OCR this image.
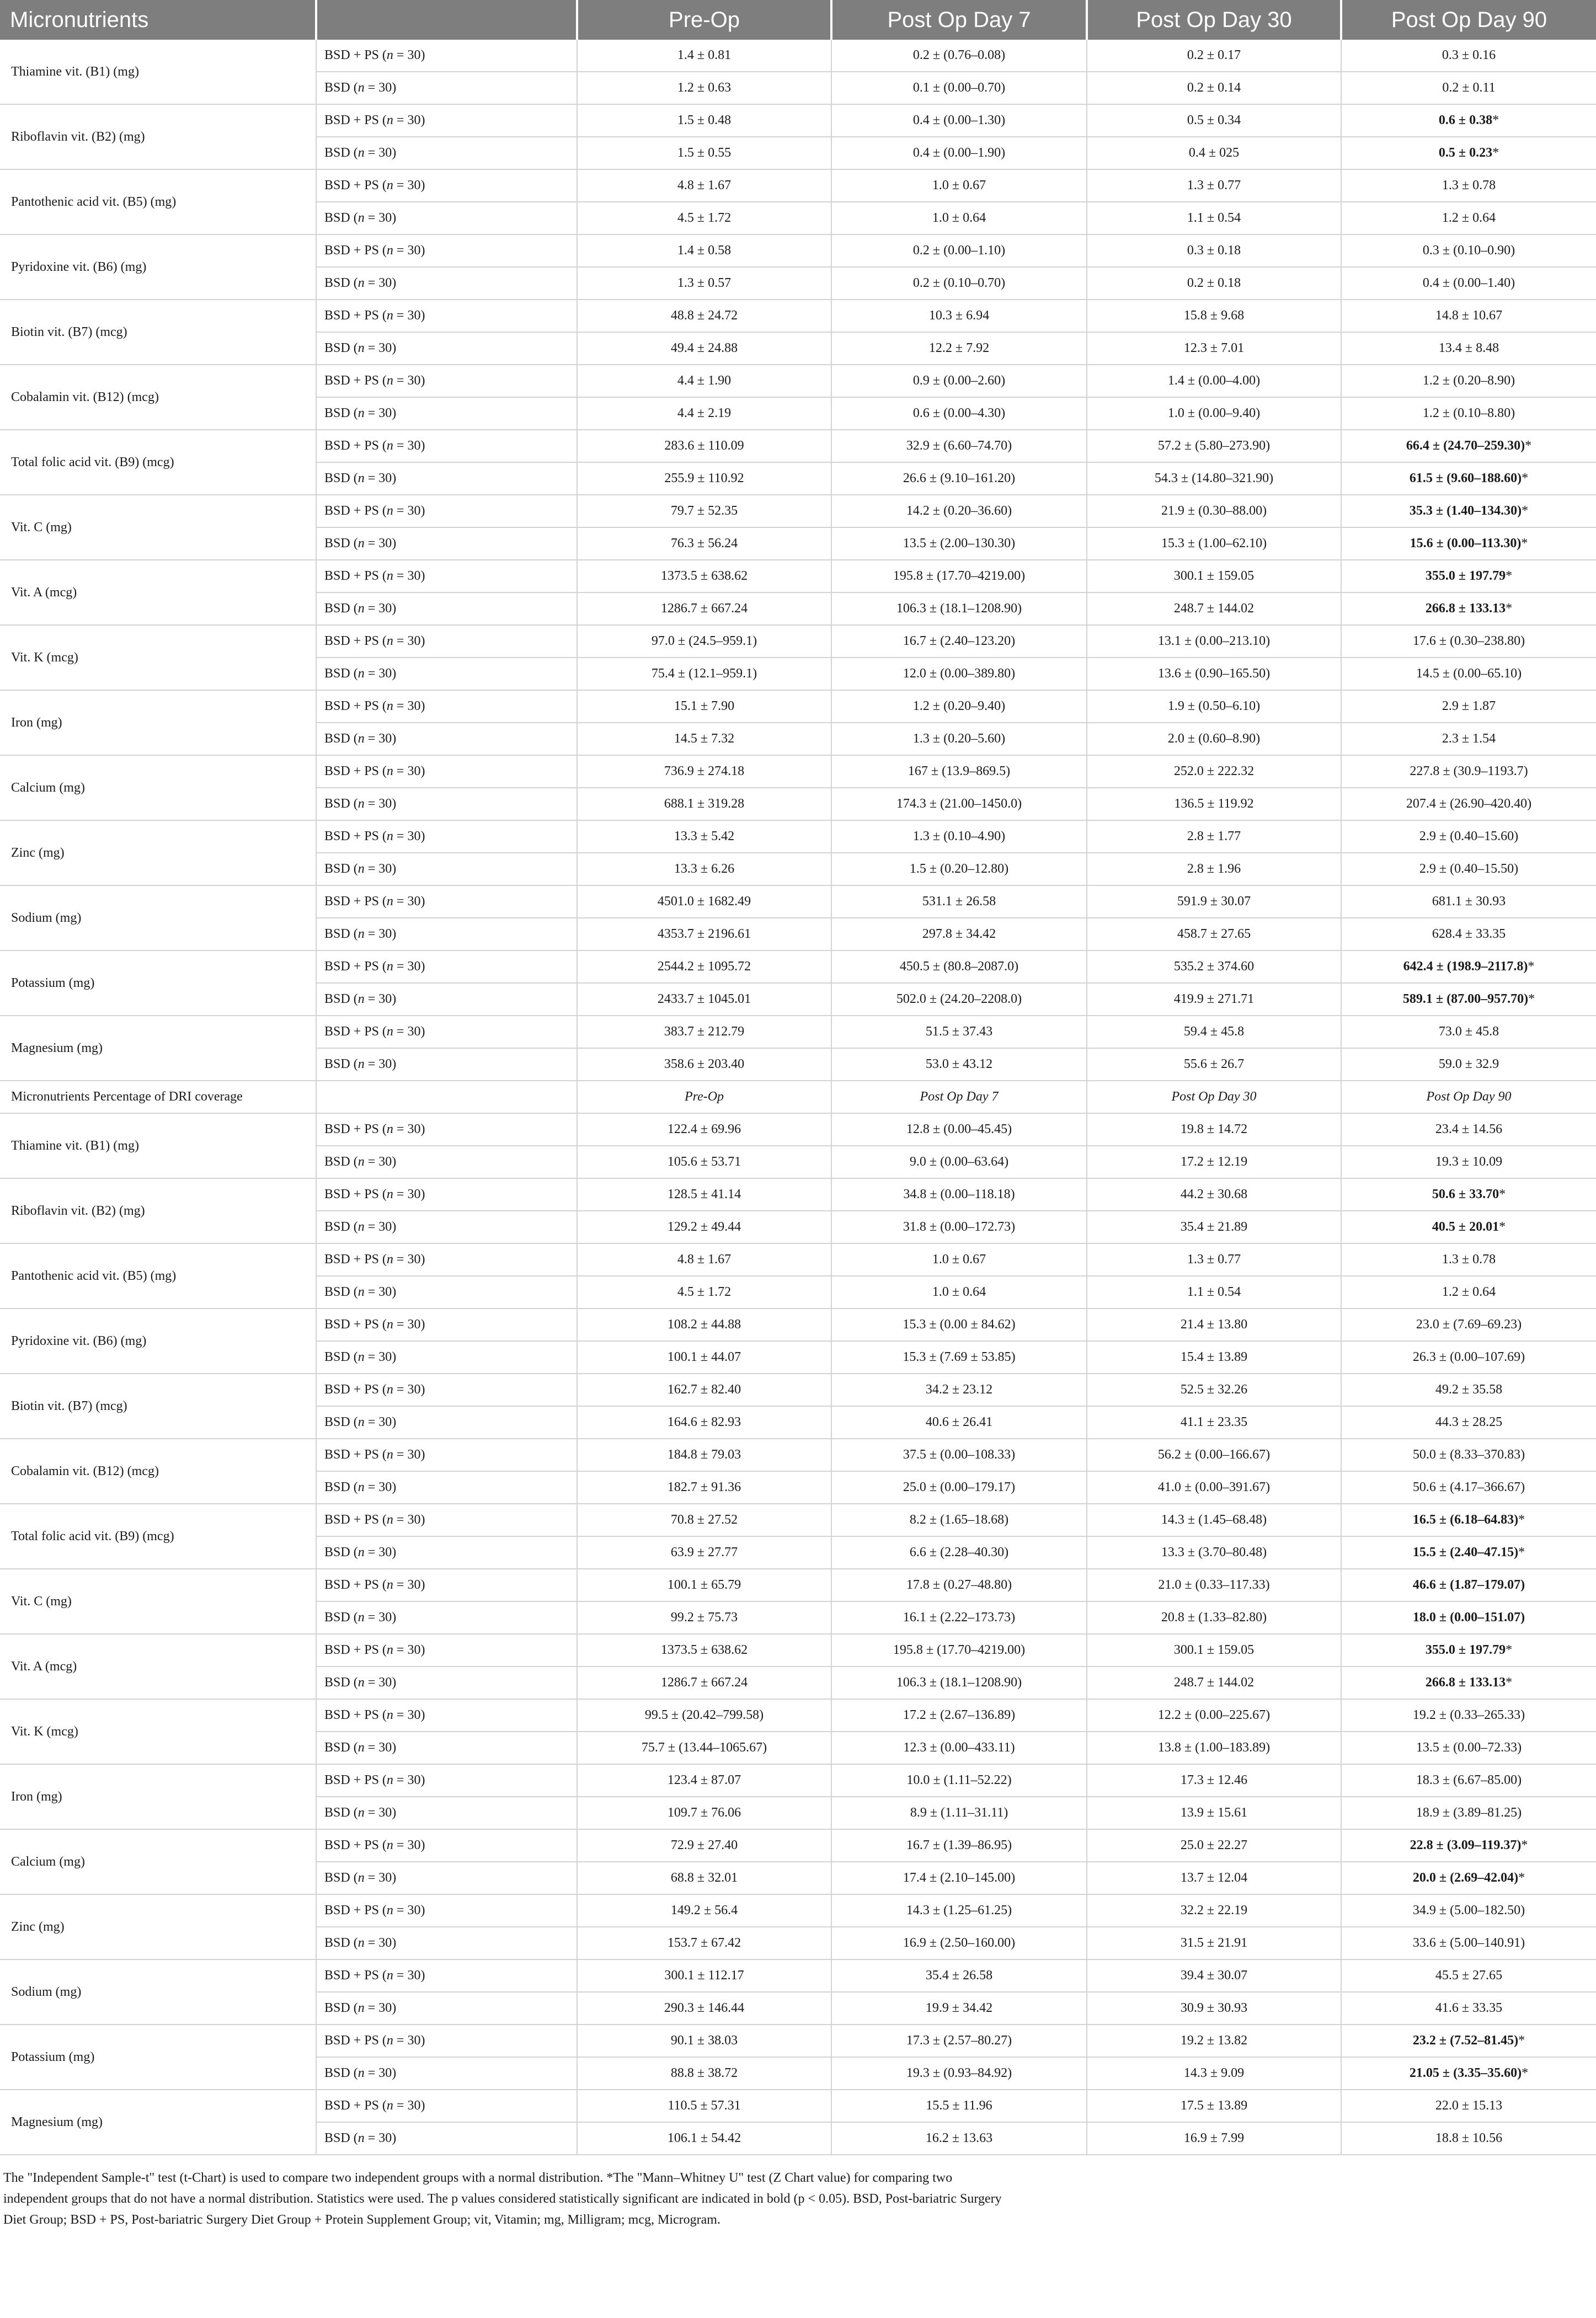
Micronutrients		Pre-Op	Post Op Day 7	Post Op Day 30	Post Op Day 90
Thiamine vit. (B1) (mg)	BSD + PS (n = 30)	1.4 ± 0.81	0.2 ± (0.76–0.08)	0.2 ± 0.17	0.3 ± 0.16
	BSD (n = 30)	1.2 ± 0.63	0.1 ± (0.00–0.70)	0.2 ± 0.14	0.2 ± 0.11
Riboflavin vit. (B2) (mg)	BSD + PS (n = 30)	1.5 ± 0.48	0.4 ± (0.00–1.30)	0.5 ± 0.34	0.6 ± 0.38*
	BSD (n = 30)	1.5 ± 0.55	0.4 ± (0.00–1.90)	0.4 ± 025	0.5 ± 0.23*
Pantothenic acid vit. (B5) (mg)	BSD + PS (n = 30)	4.8 ± 1.67	1.0 ± 0.67	1.3 ± 0.77	1.3 ± 0.78
	BSD (n = 30)	4.5 ± 1.72	1.0 ± 0.64	1.1 ± 0.54	1.2 ± 0.64
Pyridoxine vit. (B6) (mg)	BSD + PS (n = 30)	1.4 ± 0.58	0.2 ± (0.00–1.10)	0.3 ± 0.18	0.3 ± (0.10–0.90)
	BSD (n = 30)	1.3 ± 0.57	0.2 ± (0.10–0.70)	0.2 ± 0.18	0.4 ± (0.00–1.40)
Biotin vit. (B7) (mcg)	BSD + PS (n = 30)	48.8 ± 24.72	10.3 ± 6.94	15.8 ± 9.68	14.8 ± 10.67
	BSD (n = 30)	49.4 ± 24.88	12.2 ± 7.92	12.3 ± 7.01	13.4 ± 8.48
Cobalamin vit. (B12) (mcg)	BSD + PS (n = 30)	4.4 ± 1.90	0.9 ± (0.00–2.60)	1.4 ± (0.00–4.00)	1.2 ± (0.20–8.90)
	BSD (n = 30)	4.4 ± 2.19	0.6 ± (0.00–4.30)	1.0 ± (0.00–9.40)	1.2 ± (0.10–8.80)
Total folic acid vit. (B9) (mcg)	BSD + PS (n = 30)	283.6 ± 110.09	32.9 ± (6.60–74.70)	57.2 ± (5.80–273.90)	66.4 ± (24.70–259.30)*
	BSD (n = 30)	255.9 ± 110.92	26.6 ± (9.10–161.20)	54.3 ± (14.80–321.90)	61.5 ± (9.60–188.60)*
Vit. C (mg)	BSD + PS (n = 30)	79.7 ± 52.35	14.2 ± (0.20–36.60)	21.9 ± (0.30–88.00)	35.3 ± (1.40–134.30)*
	BSD (n = 30)	76.3 ± 56.24	13.5 ± (2.00–130.30)	15.3 ± (1.00–62.10)	15.6 ± (0.00–113.30)*
Vit. A (mcg)	BSD + PS (n = 30)	1373.5 ± 638.62	195.8 ± (17.70–4219.00)	300.1 ± 159.05	355.0 ± 197.79*
	BSD (n = 30)	1286.7 ± 667.24	106.3 ± (18.1–1208.90)	248.7 ± 144.02	266.8 ± 133.13*
Vit. K (mcg)	BSD + PS (n = 30)	97.0 ± (24.5–959.1)	16.7 ± (2.40–123.20)	13.1 ± (0.00–213.10)	17.6 ± (0.30–238.80)
	BSD (n = 30)	75.4 ± (12.1–959.1)	12.0 ± (0.00–389.80)	13.6 ± (0.90–165.50)	14.5 ± (0.00–65.10)
Iron (mg)	BSD + PS (n = 30)	15.1 ± 7.90	1.2 ± (0.20–9.40)	1.9 ± (0.50–6.10)	2.9 ± 1.87
	BSD (n = 30)	14.5 ± 7.32	1.3 ± (0.20–5.60)	2.0 ± (0.60–8.90)	2.3 ± 1.54
Calcium (mg)	BSD + PS (n = 30)	736.9 ± 274.18	167 ± (13.9–869.5)	252.0 ± 222.32	227.8 ± (30.9–1193.7)
	BSD (n = 30)	688.1 ± 319.28	174.3 ± (21.00–1450.0)	136.5 ± 119.92	207.4 ± (26.90–420.40)
Zinc (mg)	BSD + PS (n = 30)	13.3 ± 5.42	1.3 ± (0.10–4.90)	2.8 ± 1.77	2.9 ± (0.40–15.60)
	BSD (n = 30)	13.3 ± 6.26	1.5 ± (0.20–12.80)	2.8 ± 1.96	2.9 ± (0.40–15.50)
Sodium (mg)	BSD + PS (n = 30)	4501.0 ± 1682.49	531.1 ± 26.58	591.9 ± 30.07	681.1 ± 30.93
	BSD (n = 30)	4353.7 ± 2196.61	297.8 ± 34.42	458.7 ± 27.65	628.4 ± 33.35
Potassium (mg)	BSD + PS (n = 30)	2544.2 ± 1095.72	450.5 ± (80.8–2087.0)	535.2 ± 374.60	642.4 ± (198.9–2117.8)*
	BSD (n = 30)	2433.7 ± 1045.01	502.0 ± (24.20–2208.0)	419.9 ± 271.71	589.1 ± (87.00–957.70)*
Magnesium (mg)	BSD + PS (n = 30)	383.7 ± 212.79	51.5 ± 37.43	59.4 ± 45.8	73.0 ± 45.8
	BSD (n = 30)	358.6 ± 203.40	53.0 ± 43.12	55.6 ± 26.7	59.0 ± 32.9
Micronutrients Percentage of DRI coverage		Pre-Op	Post Op Day 7	Post Op Day 30	Post Op Day 90
Thiamine vit. (B1) (mg)	BSD + PS (n = 30)	122.4 ± 69.96	12.8 ± (0.00–45.45)	19.8 ± 14.72	23.4 ± 14.56
	BSD (n = 30)	105.6 ± 53.71	9.0 ± (0.00–63.64)	17.2 ± 12.19	19.3 ± 10.09
Riboflavin vit. (B2) (mg)	BSD + PS (n = 30)	128.5 ± 41.14	34.8 ± (0.00–118.18)	44.2 ± 30.68	50.6 ± 33.70*
	BSD (n = 30)	129.2 ± 49.44	31.8 ± (0.00–172.73)	35.4 ± 21.89	40.5 ± 20.01*
Pantothenic acid vit. (B5) (mg)	BSD + PS (n = 30)	4.8 ± 1.67	1.0 ± 0.67	1.3 ± 0.77	1.3 ± 0.78
	BSD (n = 30)	4.5 ± 1.72	1.0 ± 0.64	1.1 ± 0.54	1.2 ± 0.64
Pyridoxine vit. (B6) (mg)	BSD + PS (n = 30)	108.2 ± 44.88	15.3 ± (0.00 ± 84.62)	21.4 ± 13.80	23.0 ± (7.69–69.23)
	BSD (n = 30)	100.1 ± 44.07	15.3 ± (7.69 ± 53.85)	15.4 ± 13.89	26.3 ± (0.00–107.69)
Biotin vit. (B7) (mcg)	BSD + PS (n = 30)	162.7 ± 82.40	34.2 ± 23.12	52.5 ± 32.26	49.2 ± 35.58
	BSD (n = 30)	164.6 ± 82.93	40.6 ± 26.41	41.1 ± 23.35	44.3 ± 28.25
Cobalamin vit. (B12) (mcg)	BSD + PS (n = 30)	184.8 ± 79.03	37.5 ± (0.00–108.33)	56.2 ± (0.00–166.67)	50.0 ± (8.33–370.83)
	BSD (n = 30)	182.7 ± 91.36	25.0 ± (0.00–179.17)	41.0 ± (0.00–391.67)	50.6 ± (4.17–366.67)
Total folic acid vit. (B9) (mcg)	BSD + PS (n = 30)	70.8 ± 27.52	8.2 ± (1.65–18.68)	14.3 ± (1.45–68.48)	16.5 ± (6.18–64.83)*
	BSD (n = 30)	63.9 ± 27.77	6.6 ± (2.28–40.30)	13.3 ± (3.70–80.48)	15.5 ± (2.40–47.15)*
Vit. C (mg)	BSD + PS (n = 30)	100.1 ± 65.79	17.8 ± (0.27–48.80)	21.0 ± (0.33–117.33)	46.6 ± (1.87–179.07)
	BSD (n = 30)	99.2 ± 75.73	16.1 ± (2.22–173.73)	20.8 ± (1.33–82.80)	18.0 ± (0.00–151.07)
Vit. A (mcg)	BSD + PS (n = 30)	1373.5 ± 638.62	195.8 ± (17.70–4219.00)	300.1 ± 159.05	355.0 ± 197.79*
	BSD (n = 30)	1286.7 ± 667.24	106.3 ± (18.1–1208.90)	248.7 ± 144.02	266.8 ± 133.13*
Vit. K (mcg)	BSD + PS (n = 30)	99.5 ± (20.42–799.58)	17.2 ± (2.67–136.89)	12.2 ± (0.00–225.67)	19.2 ± (0.33–265.33)
	BSD (n = 30)	75.7 ± (13.44–1065.67)	12.3 ± (0.00–433.11)	13.8 ± (1.00–183.89)	13.5 ± (0.00–72.33)
Iron (mg)	BSD + PS (n = 30)	123.4 ± 87.07	10.0 ± (1.11–52.22)	17.3 ± 12.46	18.3 ± (6.67–85.00)
	BSD (n = 30)	109.7 ± 76.06	8.9 ± (1.11–31.11)	13.9 ± 15.61	18.9 ± (3.89–81.25)
Calcium (mg)	BSD + PS (n = 30)	72.9 ± 27.40	16.7 ± (1.39–86.95)	25.0 ± 22.27	22.8 ± (3.09–119.37)*
	BSD (n = 30)	68.8 ± 32.01	17.4 ± (2.10–145.00)	13.7 ± 12.04	20.0 ± (2.69–42.04)*
Zinc (mg)	BSD + PS (n = 30)	149.2 ± 56.4	14.3 ± (1.25–61.25)	32.2 ± 22.19	34.9 ± (5.00–182.50)
	BSD (n = 30)	153.7 ± 67.42	16.9 ± (2.50–160.00)	31.5 ± 21.91	33.6 ± (5.00–140.91)
Sodium (mg)	BSD + PS (n = 30)	300.1 ± 112.17	35.4 ± 26.58	39.4 ± 30.07	45.5 ± 27.65
	BSD (n = 30)	290.3 ± 146.44	19.9 ± 34.42	30.9 ± 30.93	41.6 ± 33.35
Potassium (mg)	BSD + PS (n = 30)	90.1 ± 38.03	17.3 ± (2.57–80.27)	19.2 ± 13.82	23.2 ± (7.52–81.45)*
	BSD (n = 30)	88.8 ± 38.72	19.3 ± (0.93–84.92)	14.3 ± 9.09	21.05 ± (3.35–35.60)*
Magnesium (mg)	BSD + PS (n = 30)	110.5 ± 57.31	15.5 ± 11.96	17.5 ± 13.89	22.0 ± 15.13
	BSD (n = 30)	106.1 ± 54.42	16.2 ± 13.63	16.9 ± 7.99	18.8 ± 10.56

The "Independent Sample-t" test (t-Chart) is used to compare two independent groups with a normal distribution. *The "Mann–Whitney U" test (Z Chart value) for comparing two

independent groups that do not have a normal distribution. Statistics were used. The p values considered statistically significant are indicated in bold (p < 0.05). BSD, Post-bariatric Surgery

Diet Group; BSD + PS, Post-bariatric Surgery Diet Group + Protein Supplement Group; vit, Vitamin; mg, Milligram; mcg, Microgram.
